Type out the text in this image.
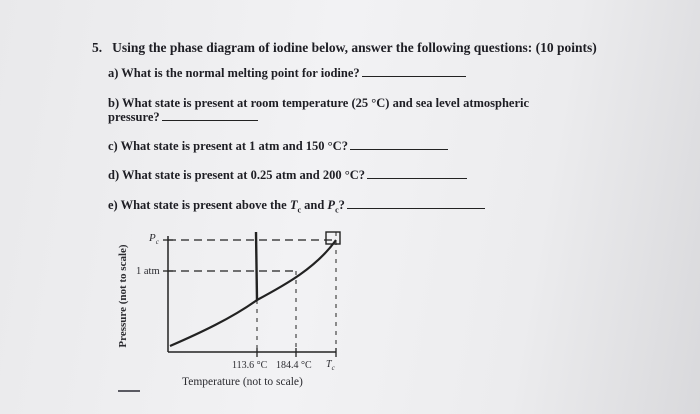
5. Using the phase diagram of iodine below, answer the following questions: (10 points)
a) What is the normal melting point for iodine?
b) What state is present at room temperature (25 °C) and sea level atmospheric
pressure?
c) What state is present at 1 atm and 150 °C?
d) What state is present at 0.25 atm and 200 °C?
e) What state is present above the $T_c$ and $P_c$?
$P_c$
1 atm
113.6 °C 184.4 °C $T_c$
Temperature (not to scale)
Pressure (not to scale)
